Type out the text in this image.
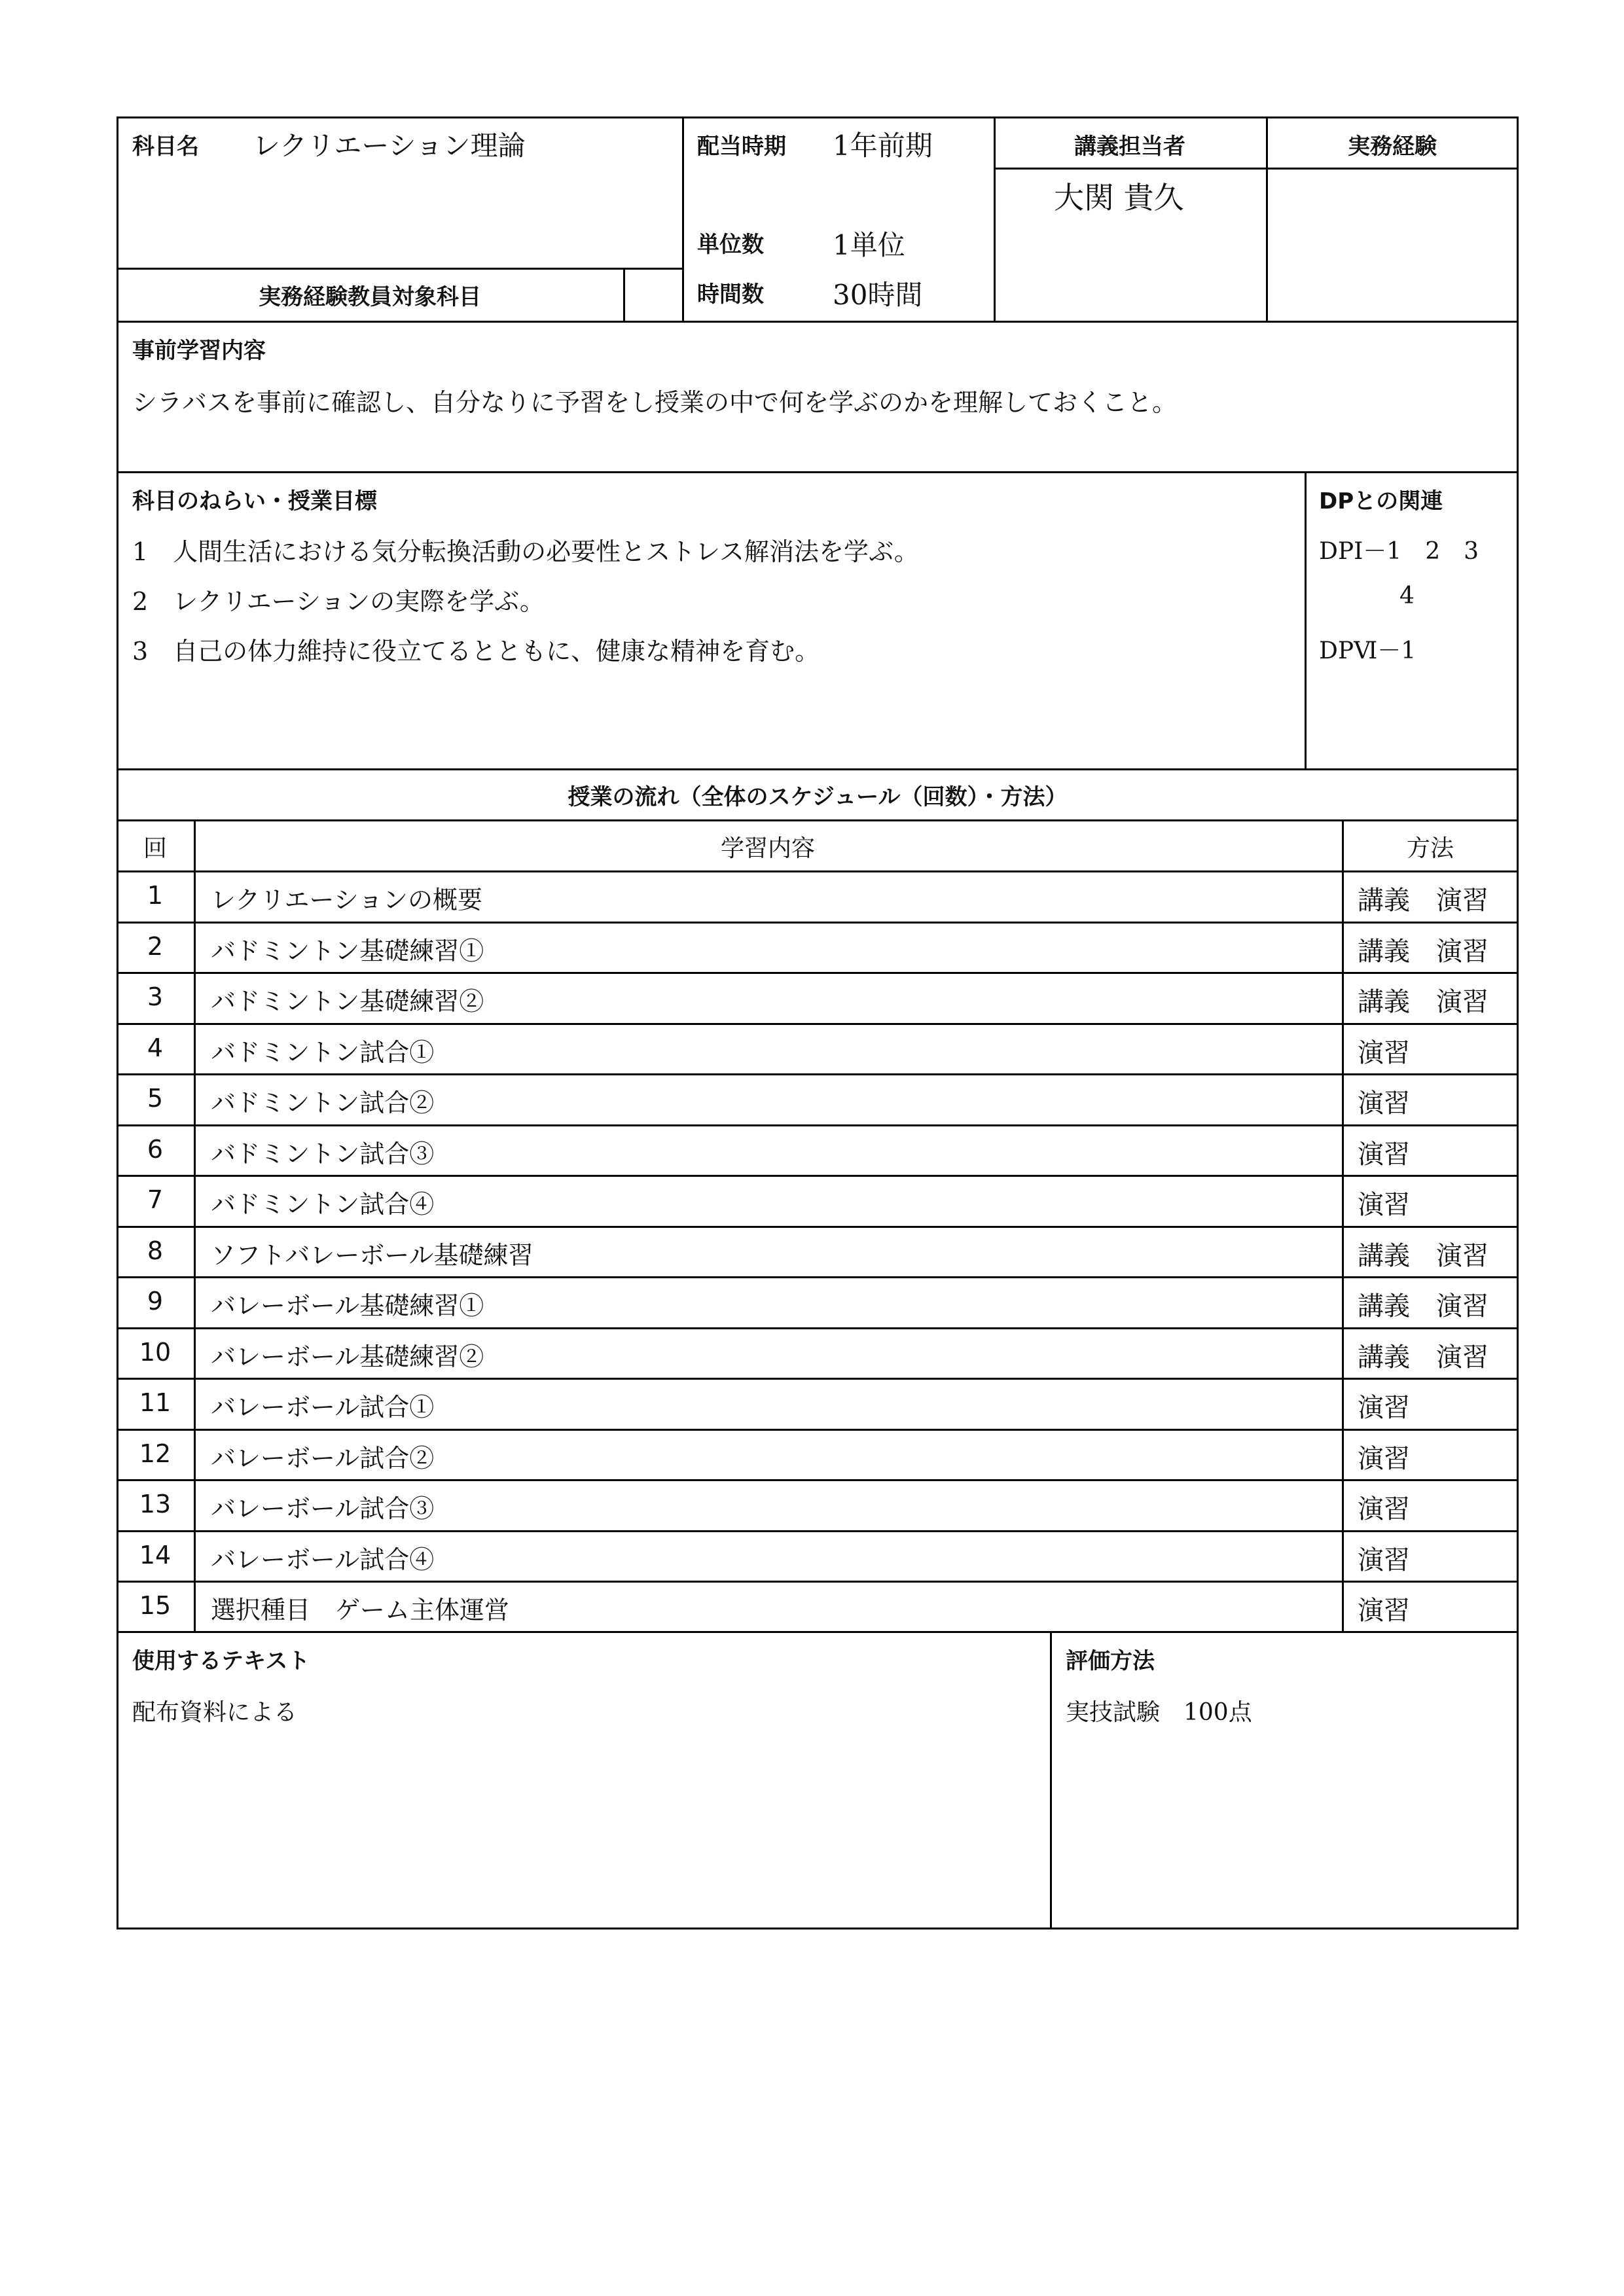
科目名 レクリエーション理論	配当時期 1年前期	講義担当者	実務経験
大関 貴久
単位数	1単位
時間数	30時間
実務経験教員対象科目
事前学習内容
シラバスを事前に確認し、自分なりに予習をし授業の中で何を学ぶのかを理解しておくこと。
科目のねらい・授業目標
1　人間生活における気分転換活動の必要性とストレス解消法を学ぶ。
2　レクリエーションの実際を学ぶ。
3　自己の体力維持に役立てるとともに、健康な精神を育む。
DPとの関連
DPⅠ－1　2　3
4
DPⅥ－1
授業の流れ（全体のスケジュール（回数）・方法）
回	学習内容	方法
1	レクリエーションの概要	講義　演習
2	バドミントン基礎練習①	講義　演習
3	バドミントン基礎練習②	講義　演習
4	バドミントン試合①	演習
5	バドミントン試合②	演習
6	バドミントン試合③	演習
7	バドミントン試合④	演習
8	ソフトバレーボール基礎練習	講義　演習
9	バレーボール基礎練習①	講義　演習
10	バレーボール基礎練習②	講義　演習
11	バレーボール試合①	演習
12	バレーボール試合②	演習
13	バレーボール試合③	演習
14	バレーボール試合④	演習
15	選択種目　ゲーム主体運営	演習
使用するテキスト
配布資料による
評価方法
実技試験　100点
